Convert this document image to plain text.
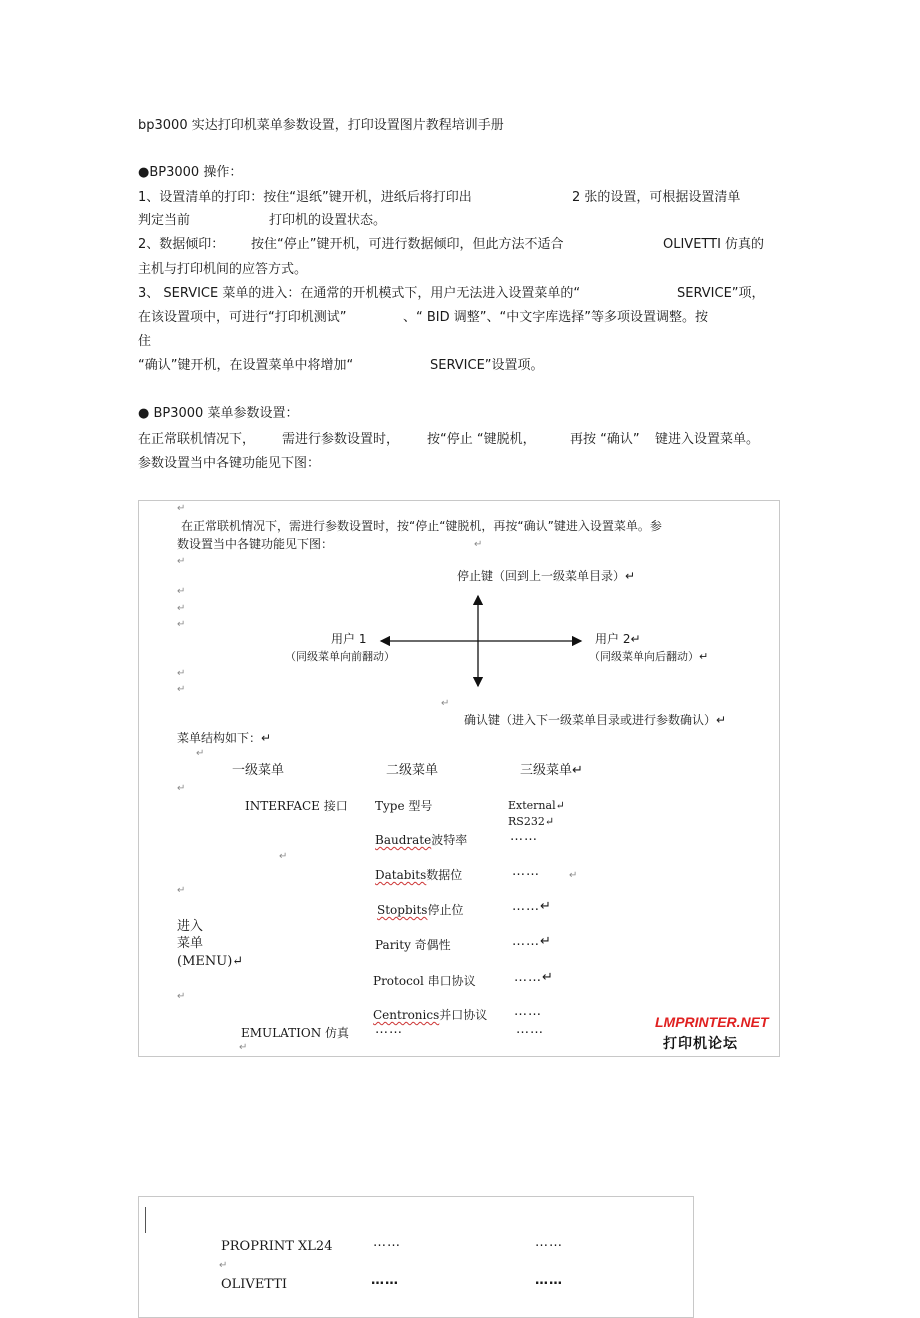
bp3000 实达打印机菜单参数设置，打印设置图片教程培训手册
●BP3000 操作：
1、设置清单的打印：按住“退纸”键开机，进纸后将打印出	2 张的设置，可根据设置清单
判定当前	打印机的设置状态。
2、数据倾印： 按住“停止”键开机，可进行数据倾印，但此方法不适合	OLIVETTI 仿真的
主机与打印机间的应答方式。
3、 SERVICE 菜单的进入：在通常的开机模式下，用户无法进入设置菜单的“	SERVICE”项，
在该设置项中，可进行“打印机测试”	、“ BID 调整”、“中文字库选择”等多项设置调整。按
住
“确认”键开机，在设置菜单中将增加“	SERVICE”设置项。
● BP3000 菜单参数设置：
在正常联机情况下， 需进行参数设置时， 按“停止 “键脱机，	再按 “确认” 键进入设置菜单。
参数设置当中各键功能见下图：
↵
在正常联机情况下，需进行参数设置时，按“停止“键脱机，再按“确认”键进入设置菜单。参
数设置当中各键功能见下图：	↵
↵
↵
↵
↵
↵
↵
停止键（回到上一级菜单目录）↵
用户 1
（同级菜单向前翻动）
用户 2↵
（同级菜单向后翻动）↵
↵
确认键（进入下一级菜单目录或进行参数确认）↵
菜单结构如下：↵
↵
一级菜单	二级菜单	三级菜单↵
↵
INTERFACE 接口 Type 型号	External↵
RS232↵
Baudrate波特率	……
↵
Databits数据位	……	↵
↵
Stopbits停止位	……↵
进入
菜单
(MENU)↵
Parity 奇偶性	……↵
↵
Protocol 串口协议	……↵
Centronics并口协议 ……
EMULATION 仿真 ……	……
↵
LMPRINTER.NET
打印机论坛
PROPRINT XL24	……	……
↵
OLIVETTI	……	……
